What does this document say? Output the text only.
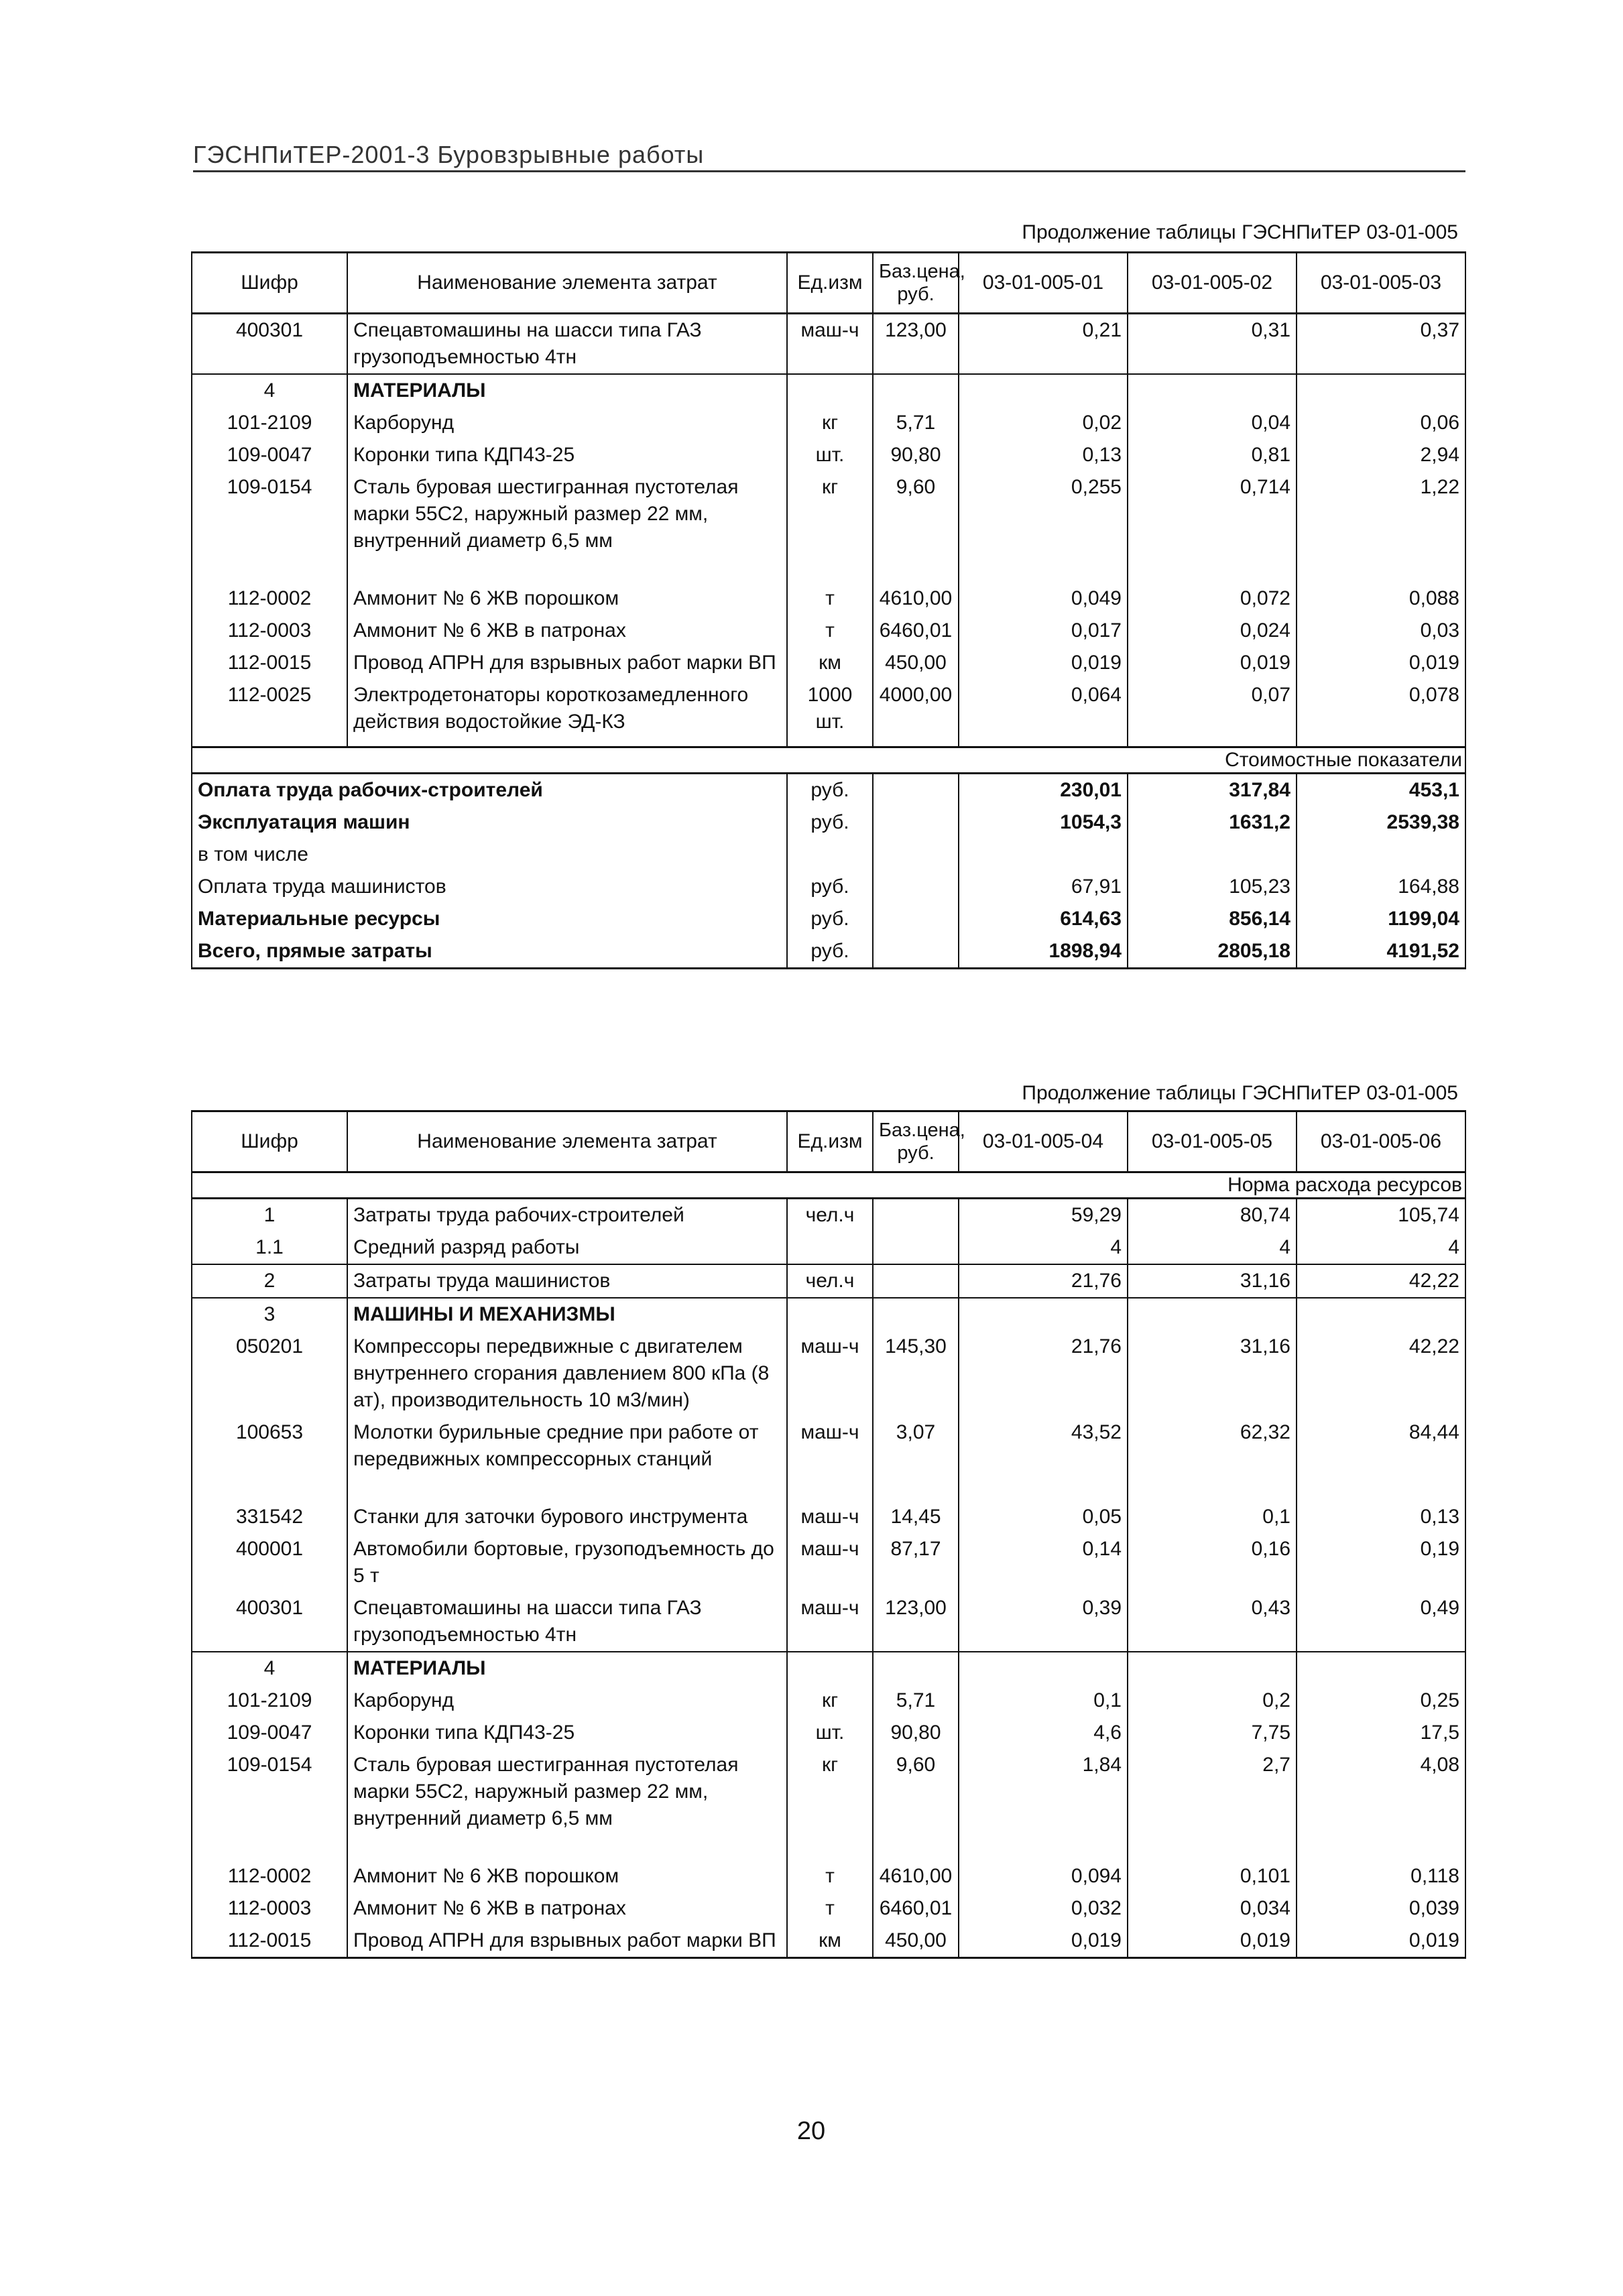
ГЭСНПиТЕР-2001-3 Буровзрывные работы
Продолжение таблицы ГЭСНПиТЕР 03-01-005
Шифр	Наименование элемента затрат	Ед.изм	Баз.цена, руб.	03-01-005-01	03-01-005-02	03-01-005-03
400301	Спецавтомашины на шасси типа ГАЗ грузоподъемностью 4тн	маш-ч	123,00	0,21	0,31	0,37
4	МАТЕРИАЛЫ					
101-2109	Карборунд	кг	5,71	0,02	0,04	0,06
109-0047	Коронки типа КДП43-25	шт.	90,80	0,13	0,81	2,94
109-0154	Сталь буровая шестигранная пустотелая марки 55С2, наружный размер 22 мм, внутренний диаметр 6,5 мм	кг	9,60	0,255	0,714	1,22

112-0002	Аммонит № 6 ЖВ порошком	т	4610,00	0,049	0,072	0,088
112-0003	Аммонит № 6 ЖВ в патронах	т	6460,01	0,017	0,024	0,03
112-0015	Провод АПРН для взрывных работ марки ВП	км	450,00	0,019	0,019	0,019
112-0025	Электродетонаторы короткозамедленного действия водостойкие ЭД-КЗ	1000 шт.	4000,00	0,064	0,07	0,078

Стоимостные показатели						
Оплата труда рабочих-строителей		руб.		230,01	317,84	453,1
Эксплуатация машин		руб.		1054,3	1631,2	2539,38
в том числе						
Оплата труда машинистов		руб.		67,91	105,23	164,88
Материальные ресурсы		руб.		614,63	856,14	1199,04
Всего, прямые затраты		руб.		1898,94	2805,18	4191,52
Продолжение таблицы ГЭСНПиТЕР 03-01-005
Шифр	Наименование элемента затрат	Ед.изм	Баз.цена, руб.	03-01-005-04	03-01-005-05	03-01-005-06
Норма расхода ресурсов						
1	Затраты труда рабочих-строителей	чел.ч		59,29	80,74	105,74
1.1	Средний разряд работы			4	4	4
2	Затраты труда машинистов	чел.ч		21,76	31,16	42,22
3	МАШИНЫ И МЕХАНИЗМЫ					
050201	Компрессоры передвижные с двигателем внутреннего сгорания давлением 800 кПа (8 ат), производительность 10 м3/мин)	маш-ч	145,30	21,76	31,16	42,22
100653	Молотки бурильные средние при работе от передвижных компрессорных станций	маш-ч	3,07	43,52	62,32	84,44

331542	Станки для заточки бурового инструмента	маш-ч	14,45	0,05	0,1	0,13
400001	Автомобили бортовые, грузоподъемность до 5 т	маш-ч	87,17	0,14	0,16	0,19
400301	Спецавтомашины на шасси типа ГАЗ грузоподъемностью 4тн	маш-ч	123,00	0,39	0,43	0,49
4	МАТЕРИАЛЫ					
101-2109	Карборунд	кг	5,71	0,1	0,2	0,25
109-0047	Коронки типа КДП43-25	шт.	90,80	4,6	7,75	17,5
109-0154	Сталь буровая шестигранная пустотелая марки 55С2, наружный размер 22 мм, внутренний диаметр 6,5 мм	кг	9,60	1,84	2,7	4,08

112-0002	Аммонит № 6 ЖВ порошком	т	4610,00	0,094	0,101	0,118
112-0003	Аммонит № 6 ЖВ в патронах	т	6460,01	0,032	0,034	0,039
112-0015	Провод АПРН для взрывных работ марки ВП	км	450,00	0,019	0,019	0,019
20
